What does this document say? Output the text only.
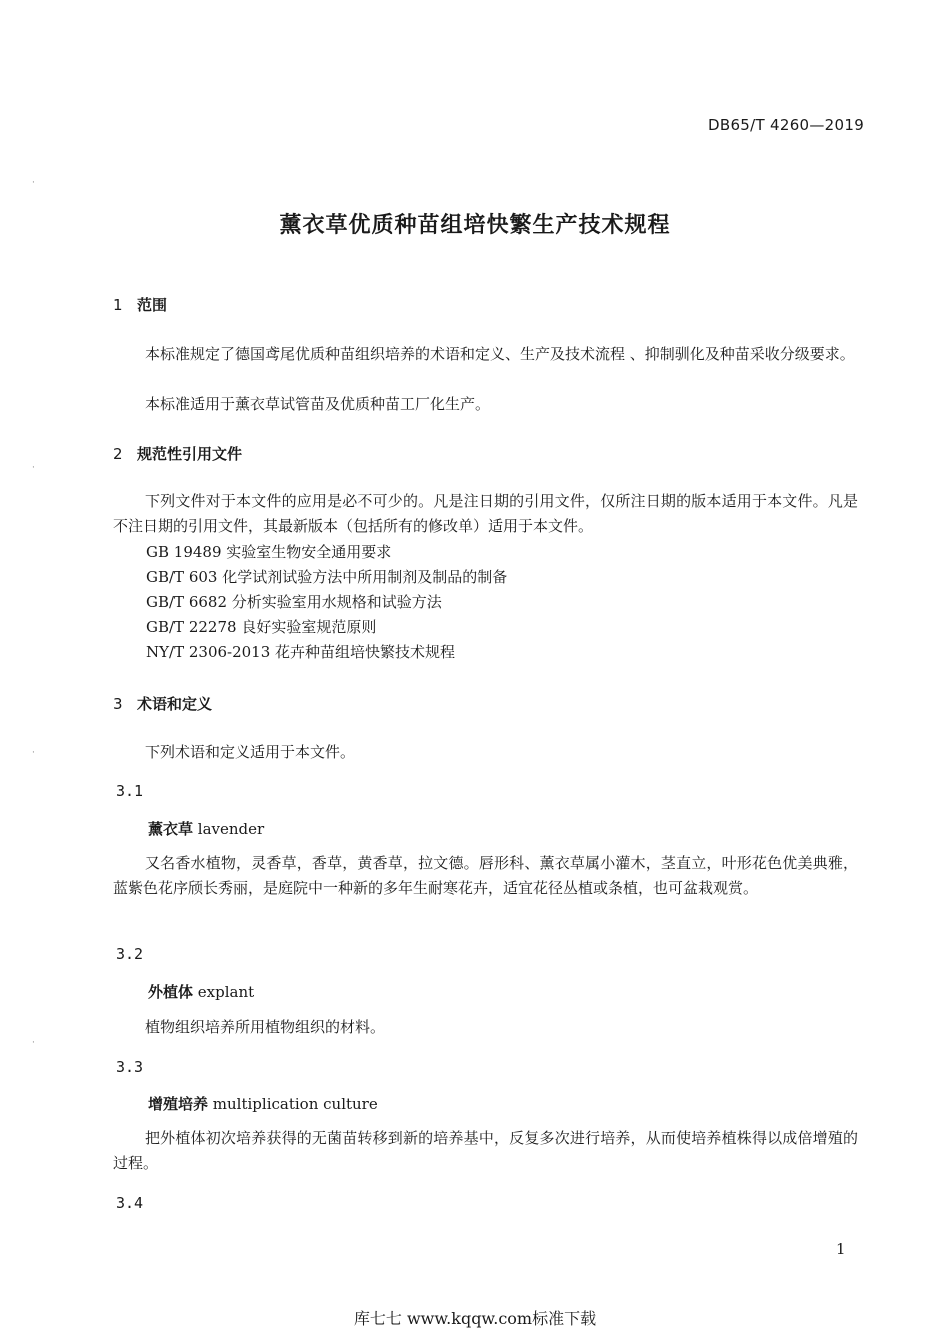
DB65/T 4260—2019
薰衣草优质种苗组培快繁生产技术规程
1 范围
本标准规定了德国鸢尾优质种苗组织培养的术语和定义、生产及技术流程 、抑制驯化及种苗采收分级要求。
本标准适用于薰衣草试管苗及优质种苗工厂化生产。
2 规范性引用文件
下列文件对于本文件的应用是必不可少的。凡是注日期的引用文件，仅所注日期的版本适用于本文件。凡是不注日期的引用文件，其最新版本（包括所有的修改单）适用于本文件。
GB 19489 实验室生物安全通用要求
GB/T 603 化学试剂试验方法中所用制剂及制品的制备
GB/T 6682 分析实验室用水规格和试验方法
GB/T 22278 良好实验室规范原则
NY/T 2306-2013 花卉种苗组培快繁技术规程
3 术语和定义
下列术语和定义适用于本文件。
3.1
薰衣草 lavender
又名香水植物，灵香草，香草，黄香草，拉文德。唇形科、薰衣草属小灌木，茎直立，叶形花色优美典雅，蓝紫色花序颀长秀丽，是庭院中一种新的多年生耐寒花卉，适宜花径丛植或条植，也可盆栽观赏。
3.2
外植体 explant
植物组织培养所用植物组织的材料。
3.3
增殖培养 multiplication culture
把外植体初次培养获得的无菌苗转移到新的培养基中，反复多次进行培养，从而使培养植株得以成倍增殖的过程。
3.4
1
库七七 www.kqqw.com标准下载
·
·
·
·
